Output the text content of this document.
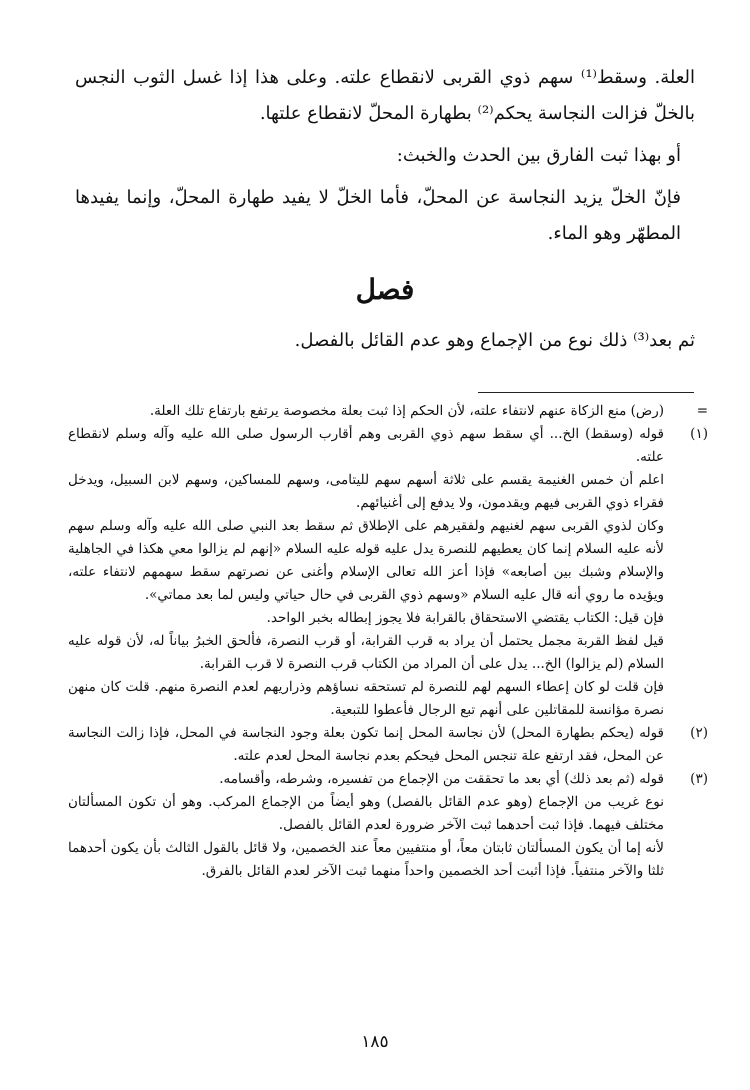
العلة. وسقط⁽¹⁾ سهم ذوي القربى لانقطاع علته. وعلى هذا إذا غسل الثوب النجس بالخلّ فزالت النجاسة يحكم⁽²⁾ بطهارة المحلّ لانقطاع علتها.

أو بهذا ثبت الفارق بين الحدث والخبث:

فإنّ الخلّ يزيد النجاسة عن المحلّ، فأما الخلّ لا يفيد طهارة المحلّ، وإنما يفيدها المطهّر وهو الماء.

فصل

ثم بعد⁽³⁾ ذلك نوع من الإجماع وهو عدم القائل بالفصل.

=

(رض) منع الزكاة عنهم لانتفاء علته، لأن الحكم إذا ثبت بعلة مخصوصة يرتفع بارتفاع تلك العلة.

(١)

قوله (وسقط) الخ... أي سقط سهم ذوي القربى وهم أقارب الرسول صلى الله عليه وآله وسلم لانقطاع علته.

اعلم أن خمس الغنيمة يقسم على ثلاثة أسهم سهم لليتامى، وسهم للمساكين، وسهم لابن السبيل، ويدخل فقراء ذوي القربى فيهم ويقدمون، ولا يدفع إلى أغنيائهم.

وكان لذوي القربى سهم لغنيهم ولفقيرهم على الإطلاق ثم سقط بعد النبي صلى الله عليه وآله وسلم سهم لأنه عليه السلام إنما كان يعطيهم للنصرة يدل عليه قوله عليه السلام «إنهم لم يزالوا معي هكذا في الجاهلية والإسلام وشبك بين أصابعه» فإذا أعز الله تعالى الإسلام وأغنى عن نصرتهم سقط سهمهم لانتفاء علته، ويؤيده ما روي أنه قال عليه السلام «وسهم ذوي القربى في حال حياتي وليس لما بعد مماتي».

فإن قيل: الكتاب يقتضي الاستحقاق بالقرابة فلا يجوز إبطاله بخبر الواحد.

قيل لفظ القربة مجمل يحتمل أن يراد به قرب القرابة، أو قرب النصرة، فألحق الخبرُ بياناً له، لأن قوله عليه السلام (لم يزالوا) الخ... يدل على أن المراد من الكتاب قرب النصرة لا قرب القرابة.

فإن قلت لو كان إعطاء السهم لهم للنصرة لم تستحقه نساؤهم وذراريهم لعدم النصرة منهم. قلت كان منهن نصرة مؤانسة للمقاتلين على أنهم تبع الرجال فأعطوا للتبعية.

(٢)

قوله (يحكم بطهارة المحل) لأن نجاسة المحل إنما تكون بعلة وجود النجاسة في المحل، فإذا زالت النجاسة عن المحل، فقد ارتفع علة تنجس المحل فيحكم بعدم نجاسة المحل لعدم علته.

(٣)

قوله (ثم بعد ذلك) أي بعد ما تحققت من الإجماع من تفسيره، وشرطه، وأقسامه.

نوع غريب من الإجماع (وهو عدم القائل بالفصل) وهو أيضاً من الإجماع المركب. وهو أن تكون المسألتان مختلف فيهما. فإذا ثبت أحدهما ثبت الآخر ضرورة لعدم القائل بالفصل.

لأنه إما أن يكون المسألتان ثابتان معاً، أو منتفيين معاً عند الخصمين، ولا قائل بالقول الثالث بأن يكون أحدهما ثلثا والآخر منتفياً. فإذا أثبت أحد الخصمين واحداً منهما ثبت الآخر لعدم القائل بالفرق.

١٨٥
